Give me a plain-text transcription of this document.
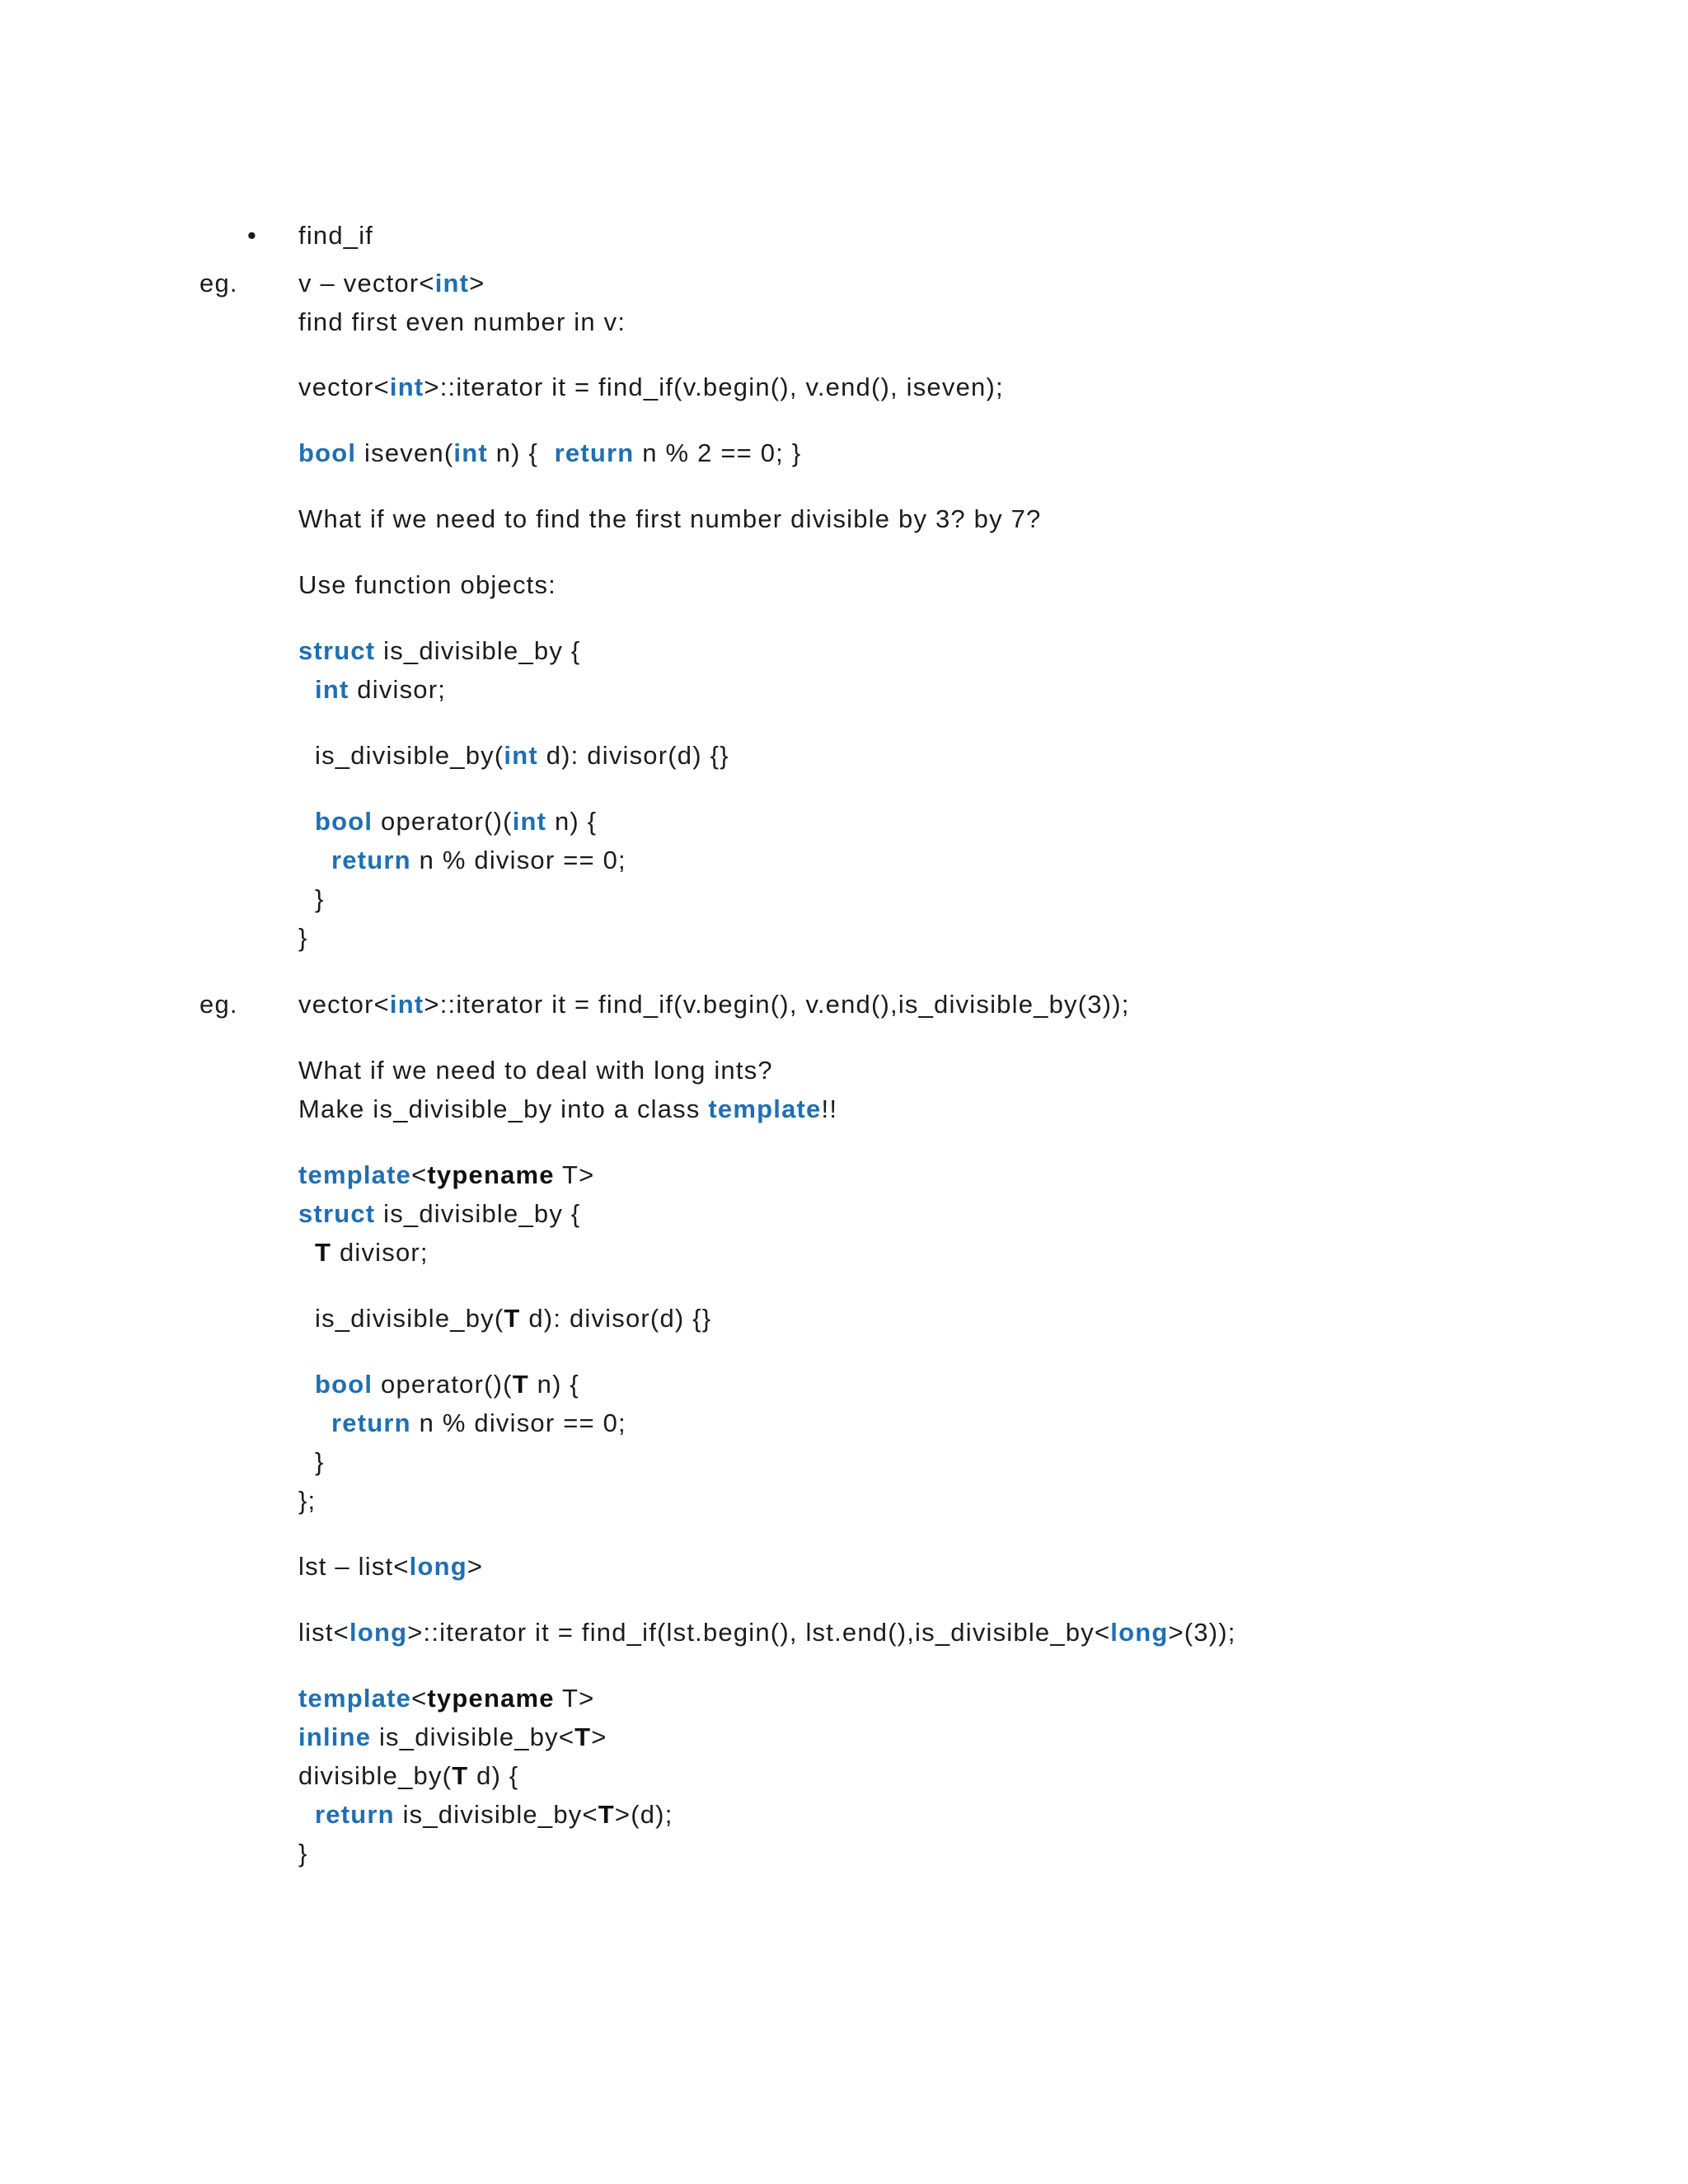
• find_if
eg. v – vector<int>
find first even number in v:
vector<int>::iterator it = find_if(v.begin(), v.end(), iseven);
bool iseven(int n) {  return n % 2 == 0; }
What if we need to find the first number divisible by 3? by 7?
Use function objects:
struct is_divisible_by {
int divisor;
is_divisible_by(int d): divisor(d) {}
bool operator()(int n) {
return n % divisor == 0;
}
}
eg. vector<int>::iterator it = find_if(v.begin(), v.end(),is_divisible_by(3));
What if we need to deal with long ints?
Make is_divisible_by into a class template!!
template<typename T>
struct is_divisible_by {
T divisor;
is_divisible_by(T d): divisor(d) {}
bool operator()(T n) {
return n % divisor == 0;
}
};
lst – list<long>
list<long>::iterator it = find_if(lst.begin(), lst.end(),is_divisible_by<long>(3));
template<typename T>
inline is_divisible_by<T>
divisible_by(T d) {
return is_divisible_by<T>(d);
}
